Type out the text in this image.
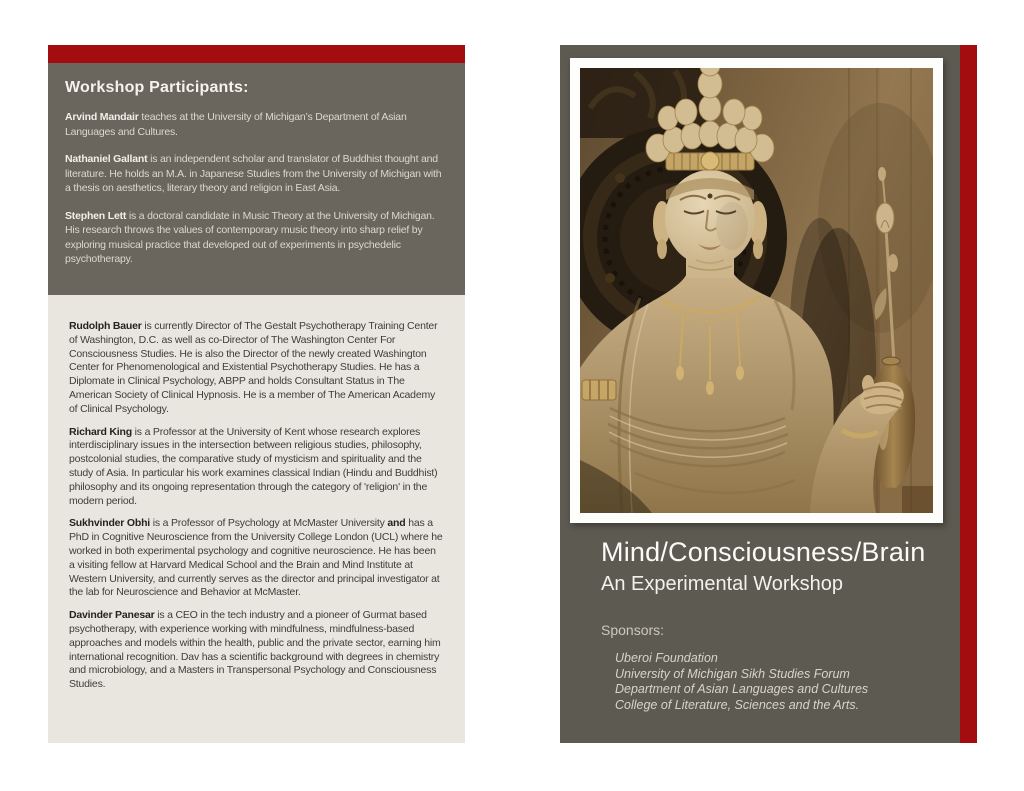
Workshop Participants:

Arvind Mandair teaches at the University of Michigan’s Department of Asian Languages and Cultures.

Nathaniel Gallant is an independent scholar and translator of Buddhist thought and literature. He holds an M.A. in Japanese Studies from the University of Michigan with a thesis on aesthetics, literary theory and religion in East Asia.

Stephen Lett is a doctoral candidate in Music Theory at the University of Michigan. His research throws the values of contemporary music theory into sharp relief by exploring musical practice that developed out of experiments in psychedelic psychotherapy.

Rudolph Bauer is currently Director of The Gestalt Psychotherapy Training Center of Washington, D.C. as well as co-Director of The Washington Center For Consciousness Studies. He is also the Director of the newly created Washington Center for Phenomenological and Existential Psychotherapy Studies. He has a Diplomate in Clinical Psychology, ABPP and holds Consultant Status in The American Society of Clinical Hypnosis. He is a member of The American Academy of Clinical Psychology.

Richard King is a Professor at the University of Kent whose research explores interdisciplinary issues in the intersection between religious studies, philosophy, postcolonial studies, the comparative study of mysticism and spirituality and the study of Asia. In particular his work examines classical Indian (Hindu and Buddhist) philosophy and its ongoing representation through the category of 'religion' in the modern period.

Sukhvinder Obhi is a Professor of Psychology at McMaster University and has a PhD in Cognitive Neuroscience from the University College London (UCL) where he worked in both experimental psychology and cognitive neuroscience. He has been a visiting fellow at Harvard Medical School and the Brain and Mind Institute at Western University, and currently serves as the director and principal investigator at the lab for Neuroscience and Behavior at McMaster.

Davinder Panesar is a CEO in the tech industry and a pioneer of Gurmat based psychotherapy, with experience working with mindfulness, mindfulness-based approaches and models within the health, public and the private sector, earning him international recognition. Dav has a scientific background with degrees in chemistry and microbiology, and a Masters in Transpersonal Psychology and Consciousness Studies.

Mind/Consciousness/Brain
An Experimental Workshop
Sponsors:
Uberoi Foundation
University of Michigan Sikh Studies Forum
Department of Asian Languages and Cultures
College of Literature, Sciences and the Arts.
